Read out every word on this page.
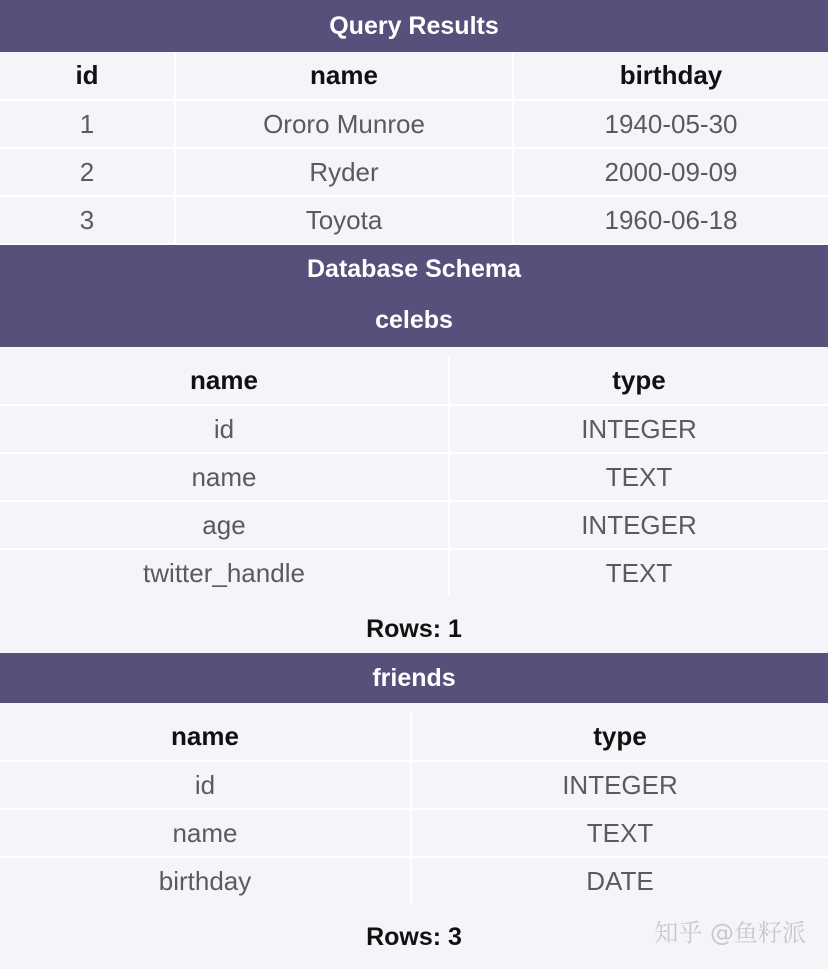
Query Results
id	name	birthday
1	Ororo Munroe	1940-05-30
2	Ryder	2000-09-09
3	Toyota	1960-06-18
Database Schema
celebs
name	type
id	INTEGER
name	TEXT
age	INTEGER
twitter_handle	TEXT
Rows: 1
friends
name	type
id	INTEGER
name	TEXT
birthday	DATE
Rows: 3	知乎 @鱼籽派
